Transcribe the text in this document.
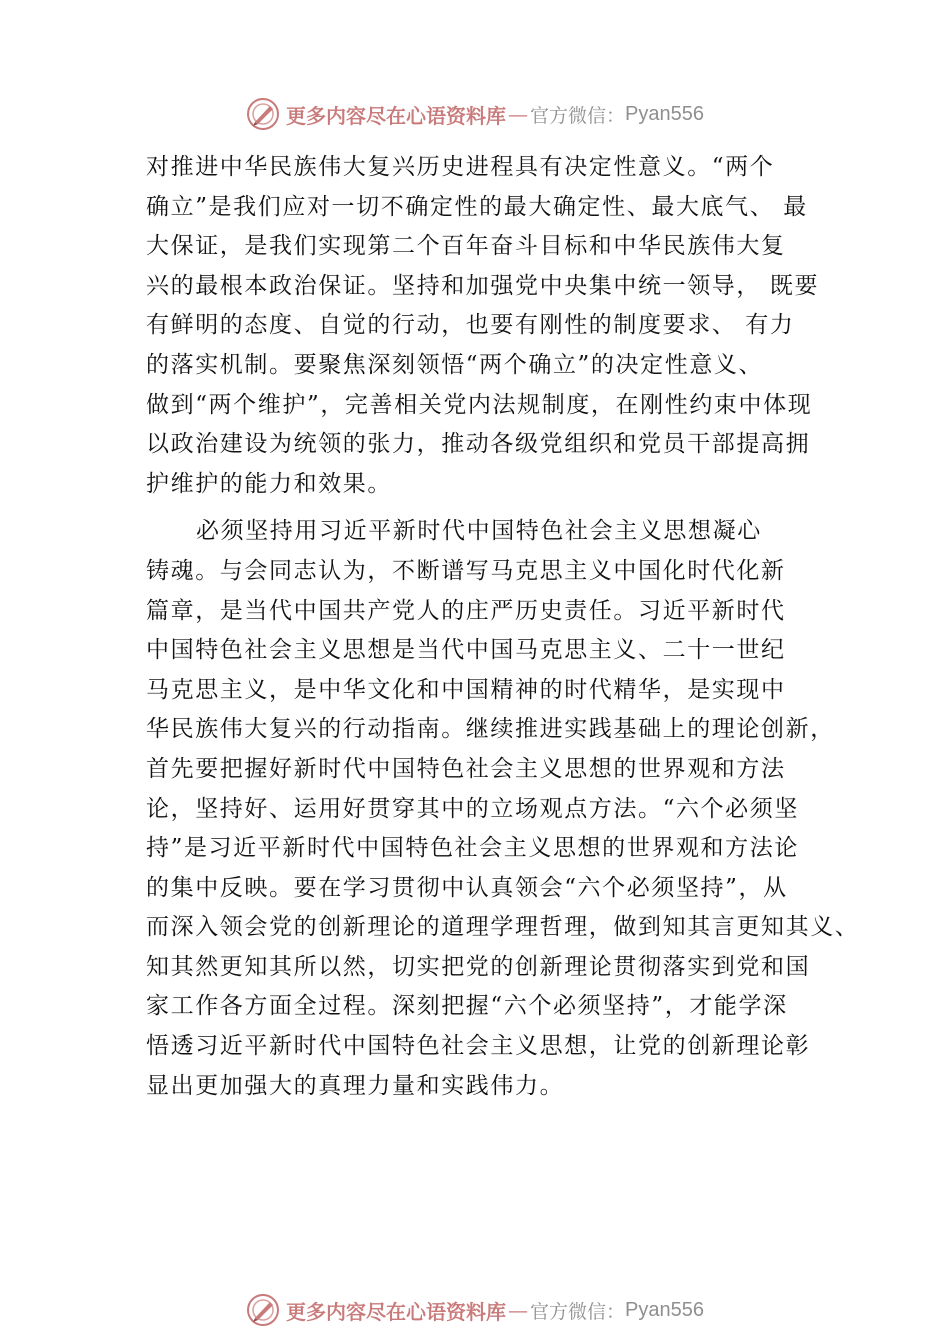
更多内容尽在心语资料库 — 官方微信： Pyan556
对推进中华民族伟大复兴历史进程具有决定性意义。“两个
确立”是我们应对一切不确定性的最大确定性、最大底气、 最
大保证，是我们实现第二个百年奋斗目标和中华民族伟大复
兴的最根本政治保证。坚持和加强党中央集中统一领导， 既要
有鲜明的态度、自觉的行动，也要有刚性的制度要求、 有力
的落实机制。要聚焦深刻领悟“两个确立”的决定性意义、
做到“两个维护”，完善相关党内法规制度，在刚性约束中体现
以政治建设为统领的张力，推动各级党组织和党员干部提高拥
护维护的能力和效果。
必须坚持用习近平新时代中国特色社会主义思想凝心
铸魂。与会同志认为，不断谱写马克思主义中国化时代化新
篇章，是当代中国共产党人的庄严历史责任。习近平新时代
中国特色社会主义思想是当代中国马克思主义、二十一世纪
马克思主义，是中华文化和中国精神的时代精华，是实现中
华民族伟大复兴的行动指南。继续推进实践基础上的理论创新，
首先要把握好新时代中国特色社会主义思想的世界观和方法
论，坚持好、运用好贯穿其中的立场观点方法。“六个必须坚
持”是习近平新时代中国特色社会主义思想的世界观和方法论
的集中反映。要在学习贯彻中认真领会“六个必须坚持”，从
而深入领会党的创新理论的道理学理哲理，做到知其言更知其义、
知其然更知其所以然，切实把党的创新理论贯彻落实到党和国
家工作各方面全过程。深刻把握“六个必须坚持”，才能学深
悟透习近平新时代中国特色社会主义思想，让党的创新理论彰
显出更加强大的真理力量和实践伟力。
更多内容尽在心语资料库 — 官方微信： Pyan556
